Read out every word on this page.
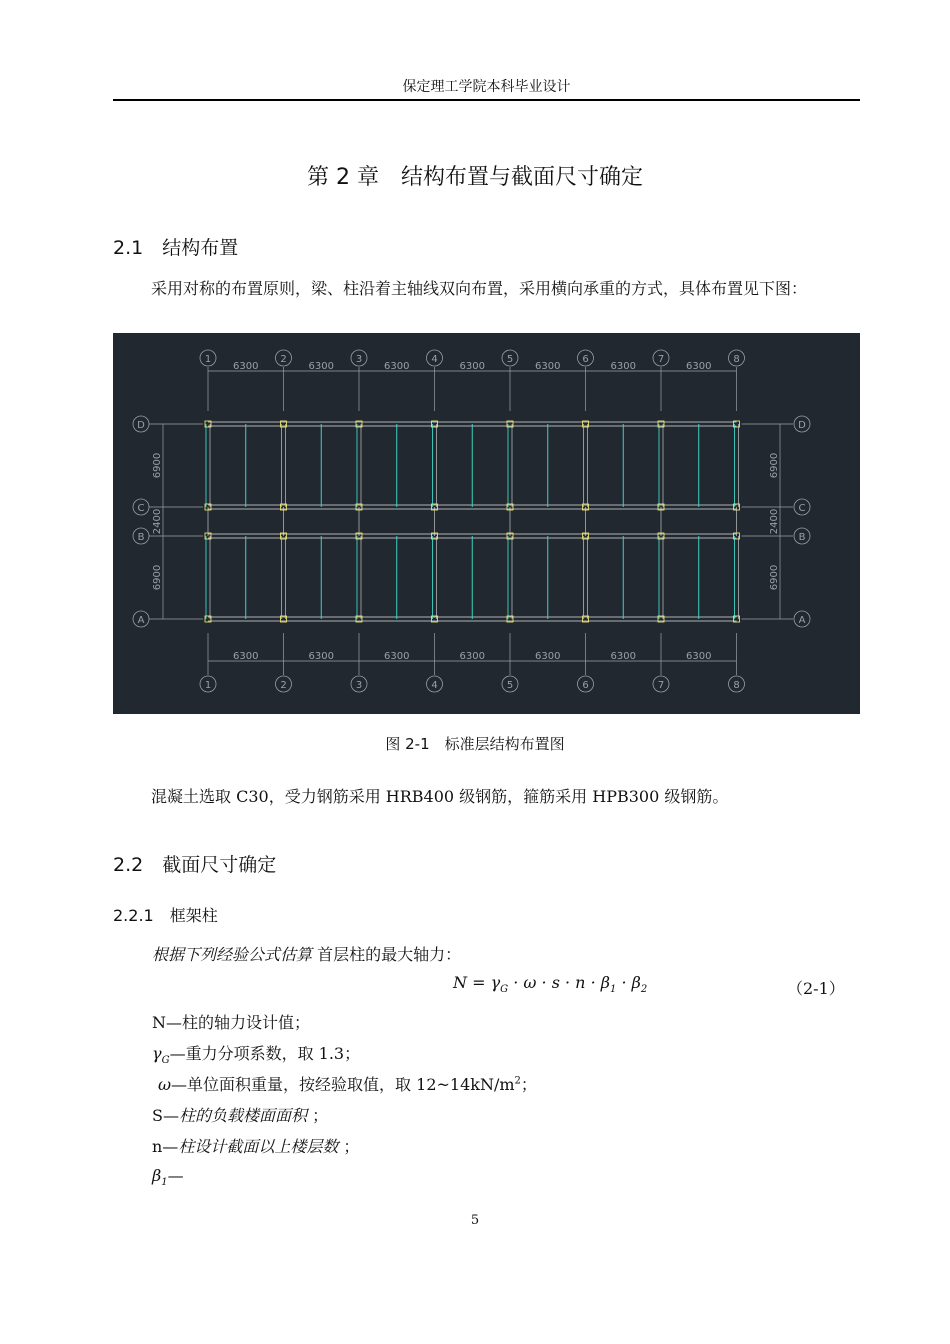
保定理工学院本科毕业设计
第 2 章　结构布置与截面尺寸确定
2.1　结构布置
采用对称的布置原则，梁、柱沿着主轴线双向布置，采用横向承重的方式，具体布置见下图：
1
1
2
2
3
3
4
4
5
5
6
6
7
7
8
8
6300	6300	6300	6300	6300	6300	6300
6300	6300	6300	6300	6300	6300	6300
D	D
C	C
B	B
A	A
6900
2400
6900
6900
2400
6900
图 2-1　标准层结构布置图
混凝土选取 C30，受力钢筋采用 HRB400 级钢筋，箍筋采用 HPB300 级钢筋。
2.2　截面尺寸确定
2.2.1　框架柱
根据下列经验公式估算 首层柱的最大轴力：
$N = \gamma_G \cdot \omega \cdot s \cdot n \cdot \beta_1 \cdot \beta_2$	（2-1）
N—柱的轴力设计值；
$\gamma_G—$重力分项系数，取 1.3；
ω—单位面积重量，按经验取值，取 $12\sim 14kN/m^2$；
S—柱的负载楼面面积 ；
n—柱设计截面以上楼层数 ；
$\beta_1—$
5
